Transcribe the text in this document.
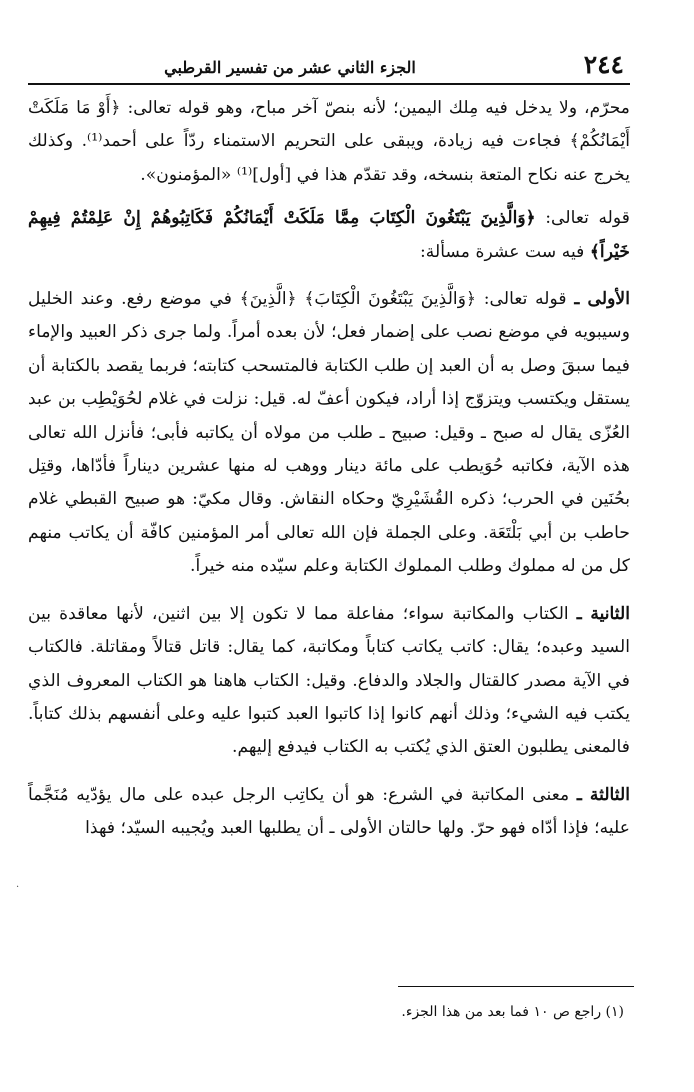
٢٤٤
الجزء الثاني عشر من تفسير القرطبي

محرّم، ولا يدخل فيه مِلك اليمين؛ لأنه بنصّ آخر مباح، وهو قوله تعالى: ﴿أَوْ مَا مَلَكَتْ أَيْمَانُكُمْ﴾ فجاءت فيه زيادة، ويبقى على التحريم الاستمناء ردّاً على أحمد⁽¹⁾. وكذلك يخرج عنه نكاح المتعة بنسخه، وقد تقدّم هذا في [أول]⁽¹⁾ «المؤمنون».

قوله تعالى: ﴿وَالَّذِينَ يَبْتَغُونَ الْكِتَابَ مِمَّا مَلَكَتْ أَيْمَانُكُمْ فَكَاتِبُوهُمْ إِنْ عَلِمْتُمْ فِيهِمْ خَيْراً﴾ فيه ست عشرة مسألة:

الأولى ـ قوله تعالى: ﴿وَالَّذِينَ يَبْتَغُونَ الْكِتَابَ﴾ ﴿الَّذِينَ﴾ في موضع رفع. وعند الخليل وسيبويه في موضع نصب على إضمار فعل؛ لأن بعده أمراً. ولما جرى ذكر العبيد والإماء فيما سبقَ وصل به أن العبد إن طلب الكتابة فالمتسحب كتابته؛ فربما يقصد بالكتابة أن يستقل ويكتسب ويتزوّج إذا أراد، فيكون أعفّ له. قيل: نزلت في غلام لحُوَيْطِب بن عبد العُزّى يقال له صبح ـ وقيل: صبيح ـ طلب من مولاه أن يكاتبه فأبى؛ فأنزل الله تعالى هذه الآية، فكاتبه حُوَيطب على مائة دينار ووهب له منها عشرين ديناراً فأدّاها، وقتِل بحُنَين في الحرب؛ ذكره القُشَيْرِيّ وحكاه النقاش. وقال مكيّ: هو صبيح القبطي غلام حاطب بن أبي بَلْتَعَة. وعلى الجملة فإن الله تعالى أمر المؤمنين كافّة أن يكاتب منهم كل من له مملوك وطلب المملوك الكتابة وعلم سيّده منه خيراً.

الثانية ـ الكتاب والمكاتبة سواء؛ مفاعلة مما لا تكون إلا بين اثنين، لأنها معاقدة بين السيد وعبده؛ يقال: كاتب يكاتب كتاباً ومكاتبة، كما يقال: قاتل قتالاً ومقاتلة. فالكتاب في الآية مصدر كالقتال والجلاد والدفاع. وقيل: الكتاب هاهنا هو الكتاب المعروف الذي يكتب فيه الشيء؛ وذلك أنهم كانوا إذا كاتبوا العبد كتبوا عليه وعلى أنفسهم بذلك كتاباً. فالمعنى يطلبون العتق الذي يُكتب به الكتاب فيدفع إليهم.

الثالثة ـ معنى المكاتبة في الشرع: هو أن يكاتِب الرجل عبده على مال يؤدّيه مُنَجَّماً عليه؛ فإذا أدّاه فهو حرّ. ولها حالتان الأولى ـ أن يطلبها العبد ويُجيبه السيّد؛ فهذا

·
(١) راجع ص ١٠ فما بعد من هذا الجزء.
